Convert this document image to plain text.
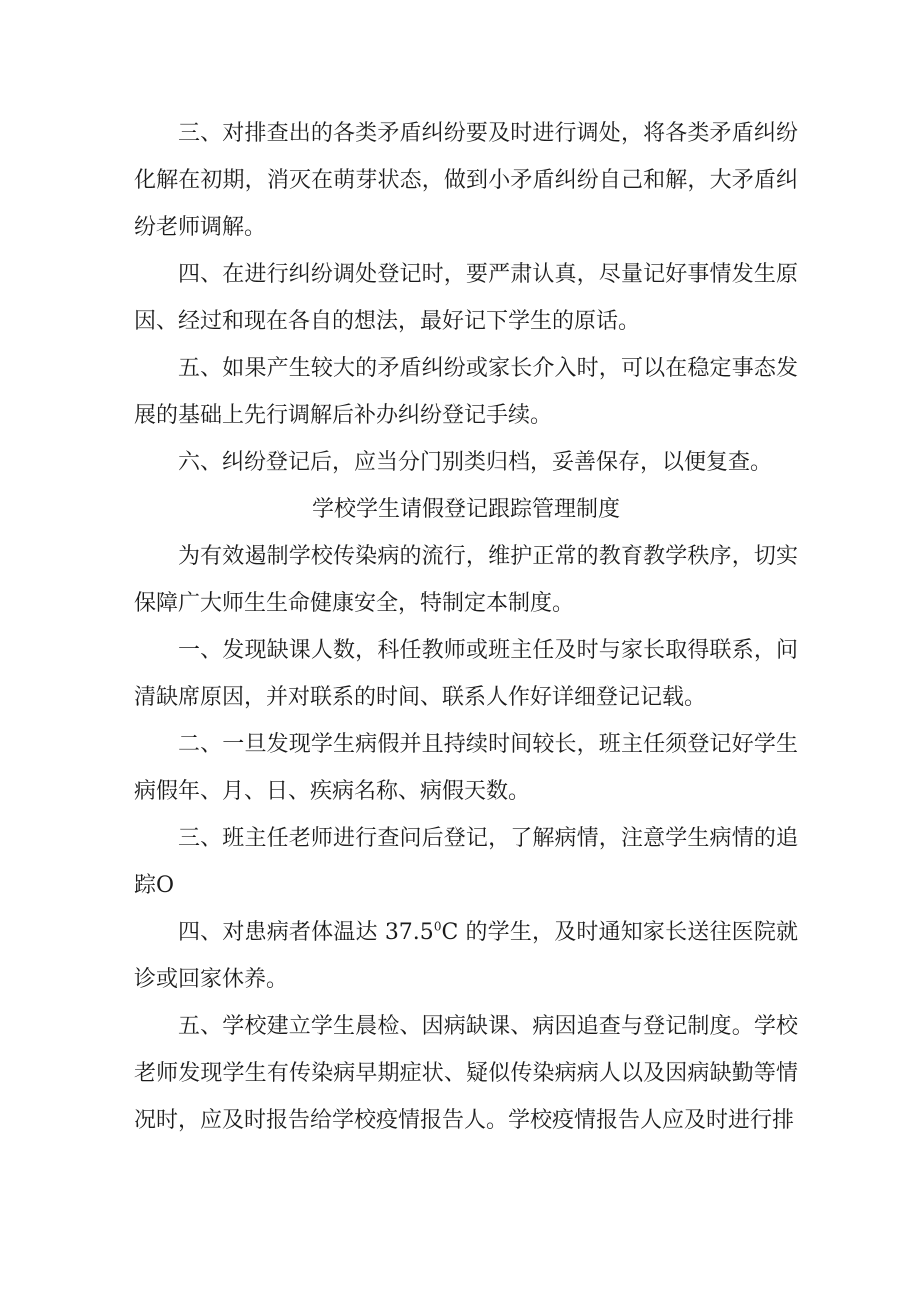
三、对排查出的各类矛盾纠纷要及时进行调处，将各类矛盾纠纷化解在初期，消灭在萌芽状态，做到小矛盾纠纷自己和解，大矛盾纠纷老师调解。

四、在进行纠纷调处登记时，要严肃认真，尽量记好事情发生原因、经过和现在各自的想法，最好记下学生的原话。

五、如果产生较大的矛盾纠纷或家长介入时，可以在稳定事态发展的基础上先行调解后补办纠纷登记手续。

六、纠纷登记后，应当分门别类归档，妥善保存，以便复查。

学校学生请假登记跟踪管理制度

为有效遏制学校传染病的流行，维护正常的教育教学秩序，切实保障广大师生生命健康安全，特制定本制度。

一、发现缺课人数，科任教师或班主任及时与家长取得联系，问清缺席原因，并对联系的时间、联系人作好详细登记记载。

二、一旦发现学生病假并且持续时间较长，班主任须登记好学生病假年、月、日、疾病名称、病假天数。

三、班主任老师进行查问后登记，了解病情，注意学生病情的追踪O

四、对患病者体温达 37.5$^0$C 的学生，及时通知家长送往医院就诊或回家休养。

五、学校建立学生晨检、因病缺课、病因追查与登记制度。学校老师发现学生有传染病早期症状、疑似传染病病人以及因病缺勤等情况时，应及时报告给学校疫情报告人。学校疫情报告人应及时进行排
